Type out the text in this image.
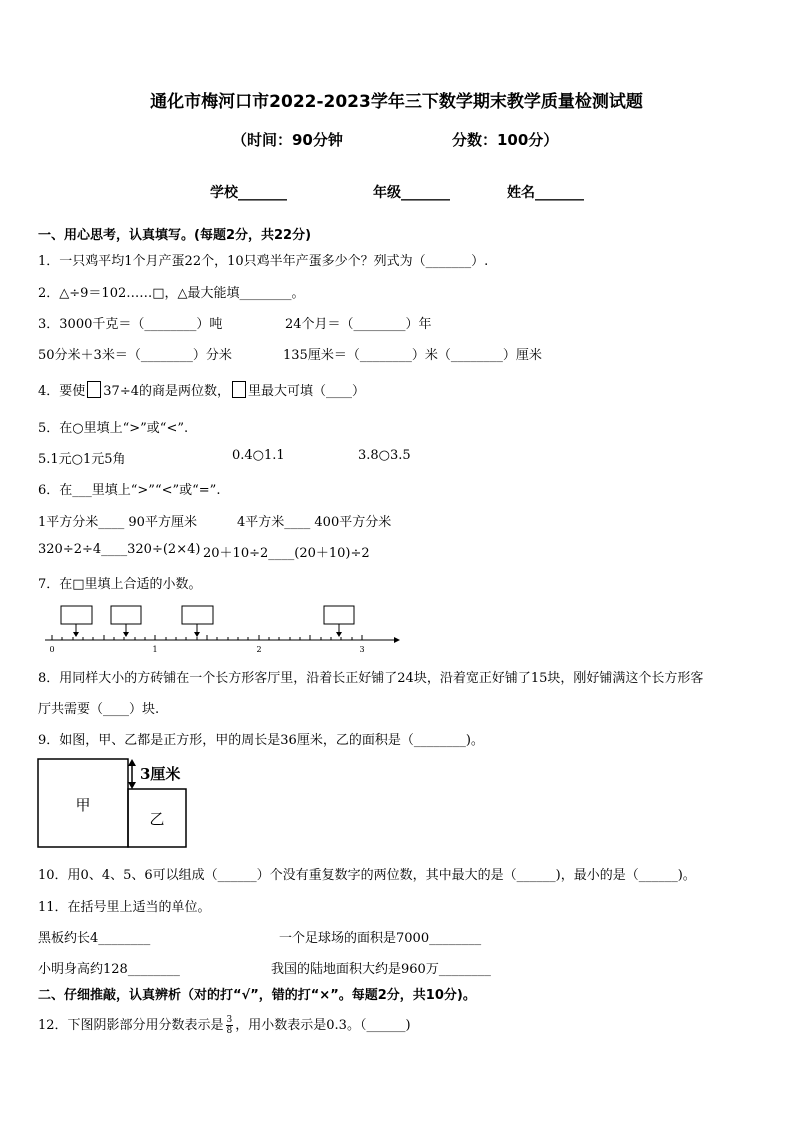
通化市梅河口市2022-2023学年三下数学期末教学质量检测试题
（时间：90分钟	分数：100分）
学校_______	年级_______	姓名_______
一、用心思考，认真填写。(每题2分，共22分)
1．一只鸡平均1个月产蛋22个，10只鸡半年产蛋多少个？列式为（_______）.
2．△÷9＝102……□，△最大能填________。
3．3000千克＝（________）吨	24个月＝（________）年
50分米＋3米＝（________）分米	135厘米＝（________）米（________）厘米
4．要使 37÷4的商是两位数， 里最大可填（____）
5．在○里填上“>”或“<”.
5.1元○1元5角	0.4○1.1	3.8○3.5
6．在___里填上“>”“<”或“=”.
1平方分米____ 90平方厘米	4平方米____ 400平方分米
320÷2÷4____320÷(2×4) 20＋10÷2____(20＋10)÷2
7．在□里填上合适的小数。
0	1	2	3
8．用同样大小的方砖铺在一个长方形客厅里，沿着长正好铺了24块，沿着宽正好铺了15块，刚好铺满这个长方形客
厅共需要（____）块.
9．如图，甲、乙都是正方形，甲的周长是36厘米，乙的面积是（________)。
3厘米
甲
乙
10．用0、4、5、6可以组成（______）个没有重复数字的两位数，其中最大的是（______)，最小的是（______)。
11．在括号里上适当的单位。
黑板约长4________	一个足球场的面积是7000________
小明身高约128________	我国的陆地面积大约是960万________
二、仔细推敲，认真辨析（对的打“√”，错的打“×”。每题2分，共10分)。
12．下图阴影部分用分数表示是 $\frac{3}{8}$ ，用小数表示是0.3。（______)
